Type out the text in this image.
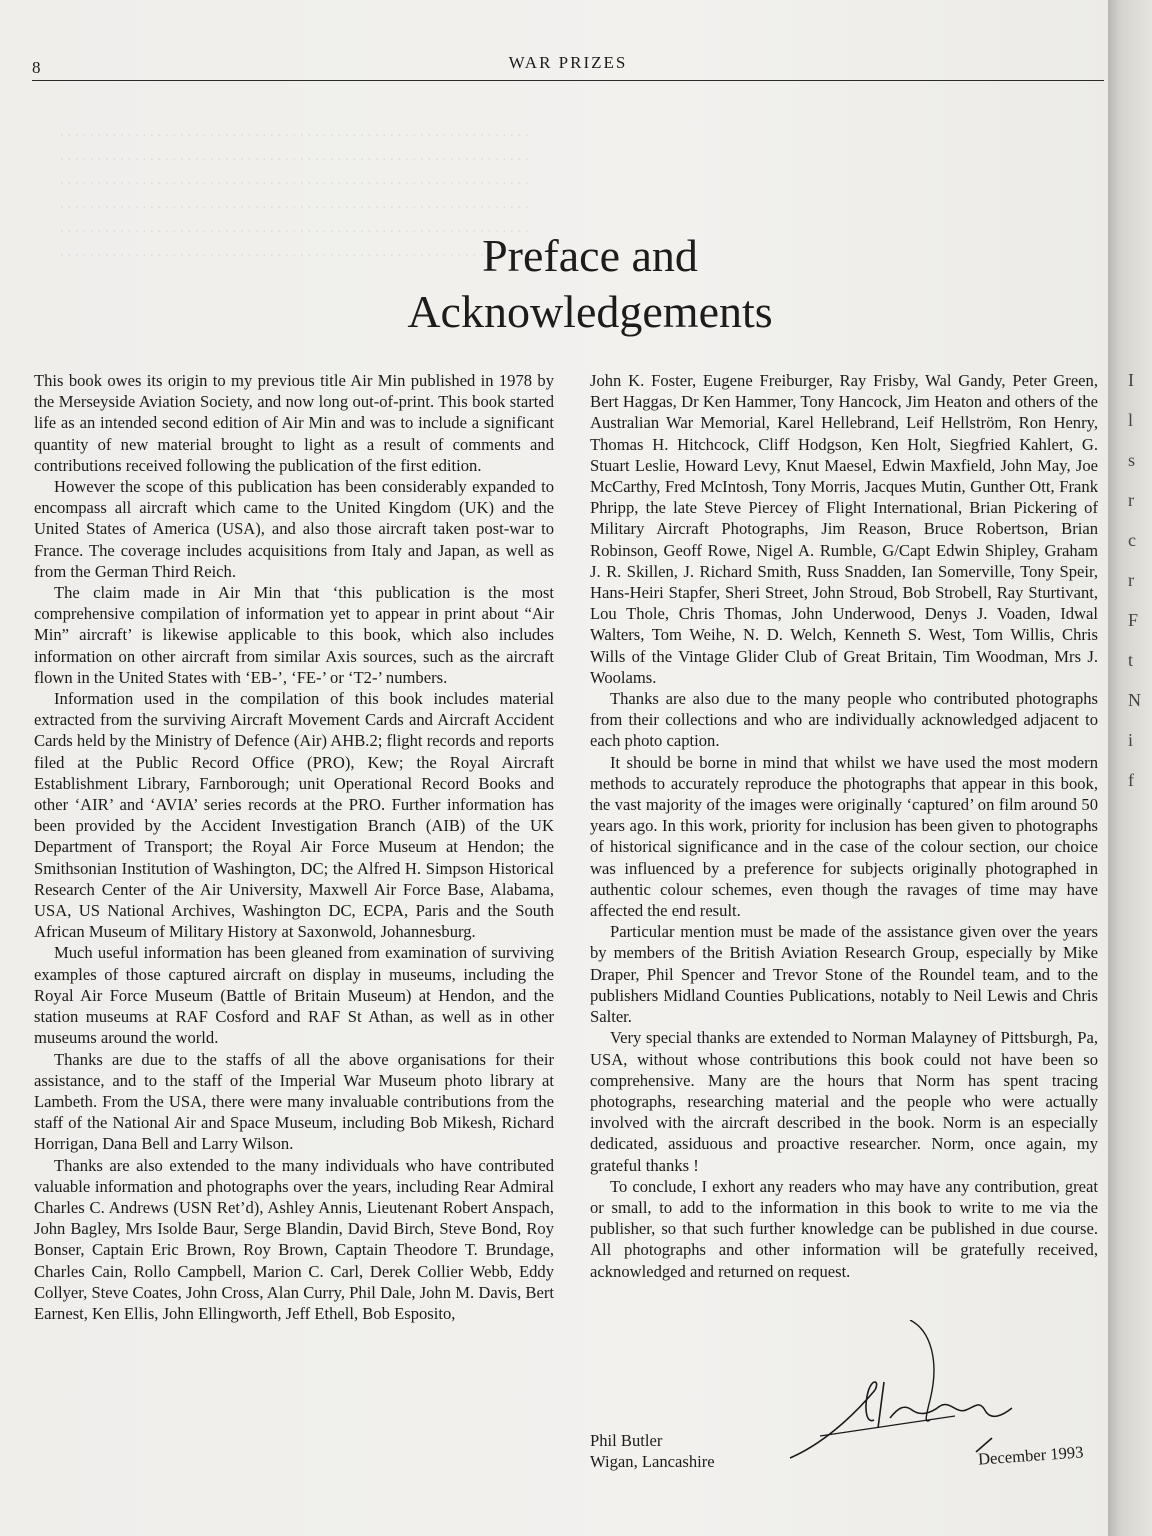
8	WAR PRIZES
. . . . . . . . . . . . . . . . . . . . . . . . . . . . . . . . . . . . . . . . . . . . . . . . . . . . . . . . . . . . . . .
. . . . . . . . . . . . . . . . . . . . . . . . . . . . . . . . . . . . . . . . . . . . . . . . . . . . . . . . . . . . . . .
. . . . . . . . . . . . . . . . . . . . . . . . . . . . . . . . . . . . . . . . . . . . . . . . . . . . . . . . . . . . . . .
. . . . . . . . . . . . . . . . . . . . . . . . . . . . . . . . . . . . . . . . . . . . . . . . . . . . . . . . . . . . . . .
. . . . . . . . . . . . . . . . . . . . . . . . . . . . . . . . . . . . . . . . . . . . . . . . . . . . . . . . . . . . . . .
. . . . . . . . . . . . . . . . . . . . . . . . . . . . . . . . . . . . . . . . . . . . . . . . . . . . . . . . . . . . . . .
Preface and
Acknowledgements

This book owes its origin to my previous title Air Min published in 1978 by the Merseyside Aviation Society, and now long out-of-print. This book started life as an intended second edition of Air Min and was to include a significant quantity of new material brought to light as a result of comments and contributions received following the publication of the first edition.

However the scope of this publication has been considerably expanded to encompass all aircraft which came to the United Kingdom (UK) and the United States of America (USA), and also those aircraft taken post-war to France. The coverage includes acquisitions from Italy and Japan, as well as from the German Third Reich.

The claim made in Air Min that ‘this publication is the most comprehensive compilation of information yet to appear in print about “Air Min” aircraft’ is likewise applicable to this book, which also includes information on other aircraft from similar Axis sources, such as the aircraft flown in the United States with ‘EB-’, ‘FE-’ or ‘T2-’ numbers.

Information used in the compilation of this book includes material extracted from the surviving Aircraft Movement Cards and Aircraft Accident Cards held by the Ministry of Defence (Air) AHB.2; flight records and reports filed at the Public Record Office (PRO), Kew; the Royal Aircraft Establishment Library, Farnborough; unit Operational Record Books and other ‘AIR’ and ‘AVIA’ series records at the PRO. Further information has been provided by the Accident Investigation Branch (AIB) of the UK Department of Transport; the Royal Air Force Museum at Hendon; the Smithsonian Institution of Washington, DC; the Alfred H. Simpson Historical Research Center of the Air University, Maxwell Air Force Base, Alabama, USA, US National Archives, Washington DC, ECPA, Paris and the South African Museum of Military History at Saxonwold, Johannesburg.

Much useful information has been gleaned from examination of surviving examples of those captured aircraft on display in museums, including the Royal Air Force Museum (Battle of Britain Museum) at Hendon, and the station museums at RAF Cosford and RAF St Athan, as well as in other museums around the world.

Thanks are due to the staffs of all the above organisations for their assistance, and to the staff of the Imperial War Museum photo library at Lambeth. From the USA, there were many invaluable contributions from the staff of the National Air and Space Museum, including Bob Mikesh, Richard Horrigan, Dana Bell and Larry Wilson.

Thanks are also extended to the many individuals who have contributed valuable information and photographs over the years, including Rear Admiral Charles C. Andrews (USN Ret’d), Ashley Annis, Lieutenant Robert Anspach, John Bagley, Mrs Isolde Baur, Serge Blandin, David Birch, Steve Bond, Roy Bonser, Captain Eric Brown, Roy Brown, Captain Theodore T. Brundage, Charles Cain, Rollo Campbell, Marion C. Carl, Derek Collier Webb, Eddy Collyer, Steve Coates, John Cross, Alan Curry, Phil Dale, John M. Davis, Bert Earnest, Ken Ellis, John Ellingworth, Jeff Ethell, Bob Esposito,

John K. Foster, Eugene Freiburger, Ray Frisby, Wal Gandy, Peter Green, Bert Haggas, Dr Ken Hammer, Tony Hancock, Jim Heaton and others of the Australian War Memorial, Karel Hellebrand, Leif Hellström, Ron Henry, Thomas H. Hitchcock, Cliff Hodgson, Ken Holt, Siegfried Kahlert, G. Stuart Leslie, Howard Levy, Knut Maesel, Edwin Maxfield, John May, Joe McCarthy, Fred McIntosh, Tony Morris, Jacques Mutin, Gunther Ott, Frank Phripp, the late Steve Piercey of Flight International, Brian Pickering of Military Aircraft Photographs, Jim Reason, Bruce Robertson, Brian Robinson, Geoff Rowe, Nigel A. Rumble, G/Capt Edwin Shipley, Graham J. R. Skillen, J. Richard Smith, Russ Snadden, Ian Somerville, Tony Speir, Hans-Heiri Stapfer, Sheri Street, John Stroud, Bob Strobell, Ray Sturtivant, Lou Thole, Chris Thomas, John Underwood, Denys J. Voaden, Idwal Walters, Tom Weihe, N. D. Welch, Kenneth S. West, Tom Willis, Chris Wills of the Vintage Glider Club of Great Britain, Tim Woodman, Mrs J. Woolams.

Thanks are also due to the many people who contributed photographs from their collections and who are individually acknowledged adjacent to each photo caption.

It should be borne in mind that whilst we have used the most modern methods to accurately reproduce the photographs that appear in this book, the vast majority of the images were originally ‘captured’ on film around 50 years ago. In this work, priority for inclusion has been given to photographs of historical significance and in the case of the colour section, our choice was influenced by a preference for subjects originally photographed in authentic colour schemes, even though the ravages of time may have affected the end result.

Particular mention must be made of the assistance given over the years by members of the British Aviation Research Group, especially by Mike Draper, Phil Spencer and Trevor Stone of the Roundel team, and to the publishers Midland Counties Publications, notably to Neil Lewis and Chris Salter.

Very special thanks are extended to Norman Malayney of Pittsburgh, Pa, USA, without whose contributions this book could not have been so comprehensive. Many are the hours that Norm has spent tracing photographs, researching material and the people who were actually involved with the aircraft described in the book. Norm is an especially dedicated, assiduous and proactive researcher. Norm, once again, my grateful thanks !

To conclude, I exhort any readers who may have any contribution, great or small, to add to the information in this book to write to me via the publisher, so that such further knowledge can be published in due course. All photographs and other information will be gratefully received, acknowledged and returned on request.

Phil Butler
Wigan, Lancashire	December 1993
I
l
s
r
c
r
F
t
N
i
f
